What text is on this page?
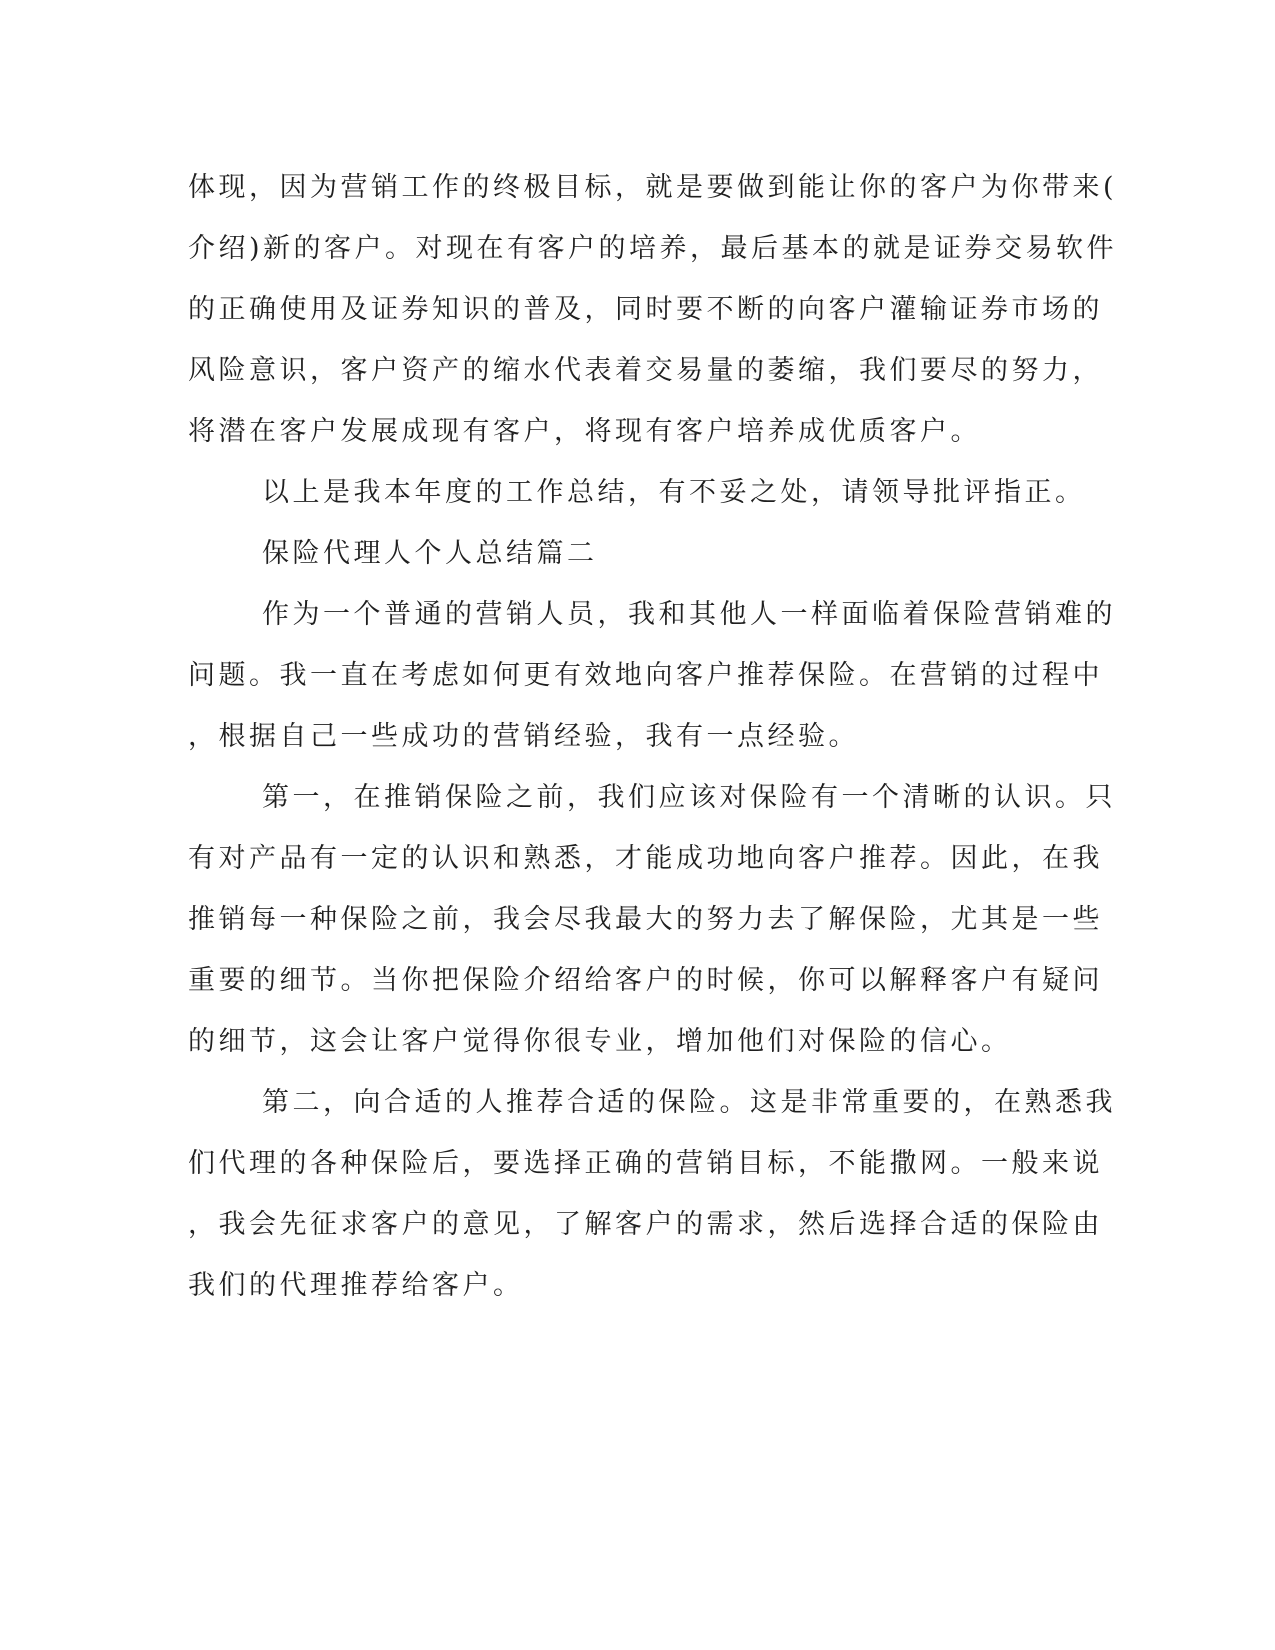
体现，因为营销工作的终极目标，就是要做到能让你的客户为你带来(
介绍)新的客户。对现在有客户的培养，最后基本的就是证券交易软件
的正确使用及证券知识的普及，同时要不断的向客户灌输证券市场的
风险意识，客户资产的缩水代表着交易量的萎缩，我们要尽的努力，
将潜在客户发展成现有客户，将现有客户培养成优质客户。
以上是我本年度的工作总结，有不妥之处，请领导批评指正。
保险代理人个人总结篇二
作为一个普通的营销人员，我和其他人一样面临着保险营销难的
问题。我一直在考虑如何更有效地向客户推荐保险。在营销的过程中
，根据自己一些成功的营销经验，我有一点经验。
第一，在推销保险之前，我们应该对保险有一个清晰的认识。只
有对产品有一定的认识和熟悉，才能成功地向客户推荐。因此，在我
推销每一种保险之前，我会尽我最大的努力去了解保险，尤其是一些
重要的细节。当你把保险介绍给客户的时候，你可以解释客户有疑问
的细节，这会让客户觉得你很专业，增加他们对保险的信心。
第二，向合适的人推荐合适的保险。这是非常重要的，在熟悉我
们代理的各种保险后，要选择正确的营销目标，不能撒网。一般来说
，我会先征求客户的意见，了解客户的需求，然后选择合适的保险由
我们的代理推荐给客户。
